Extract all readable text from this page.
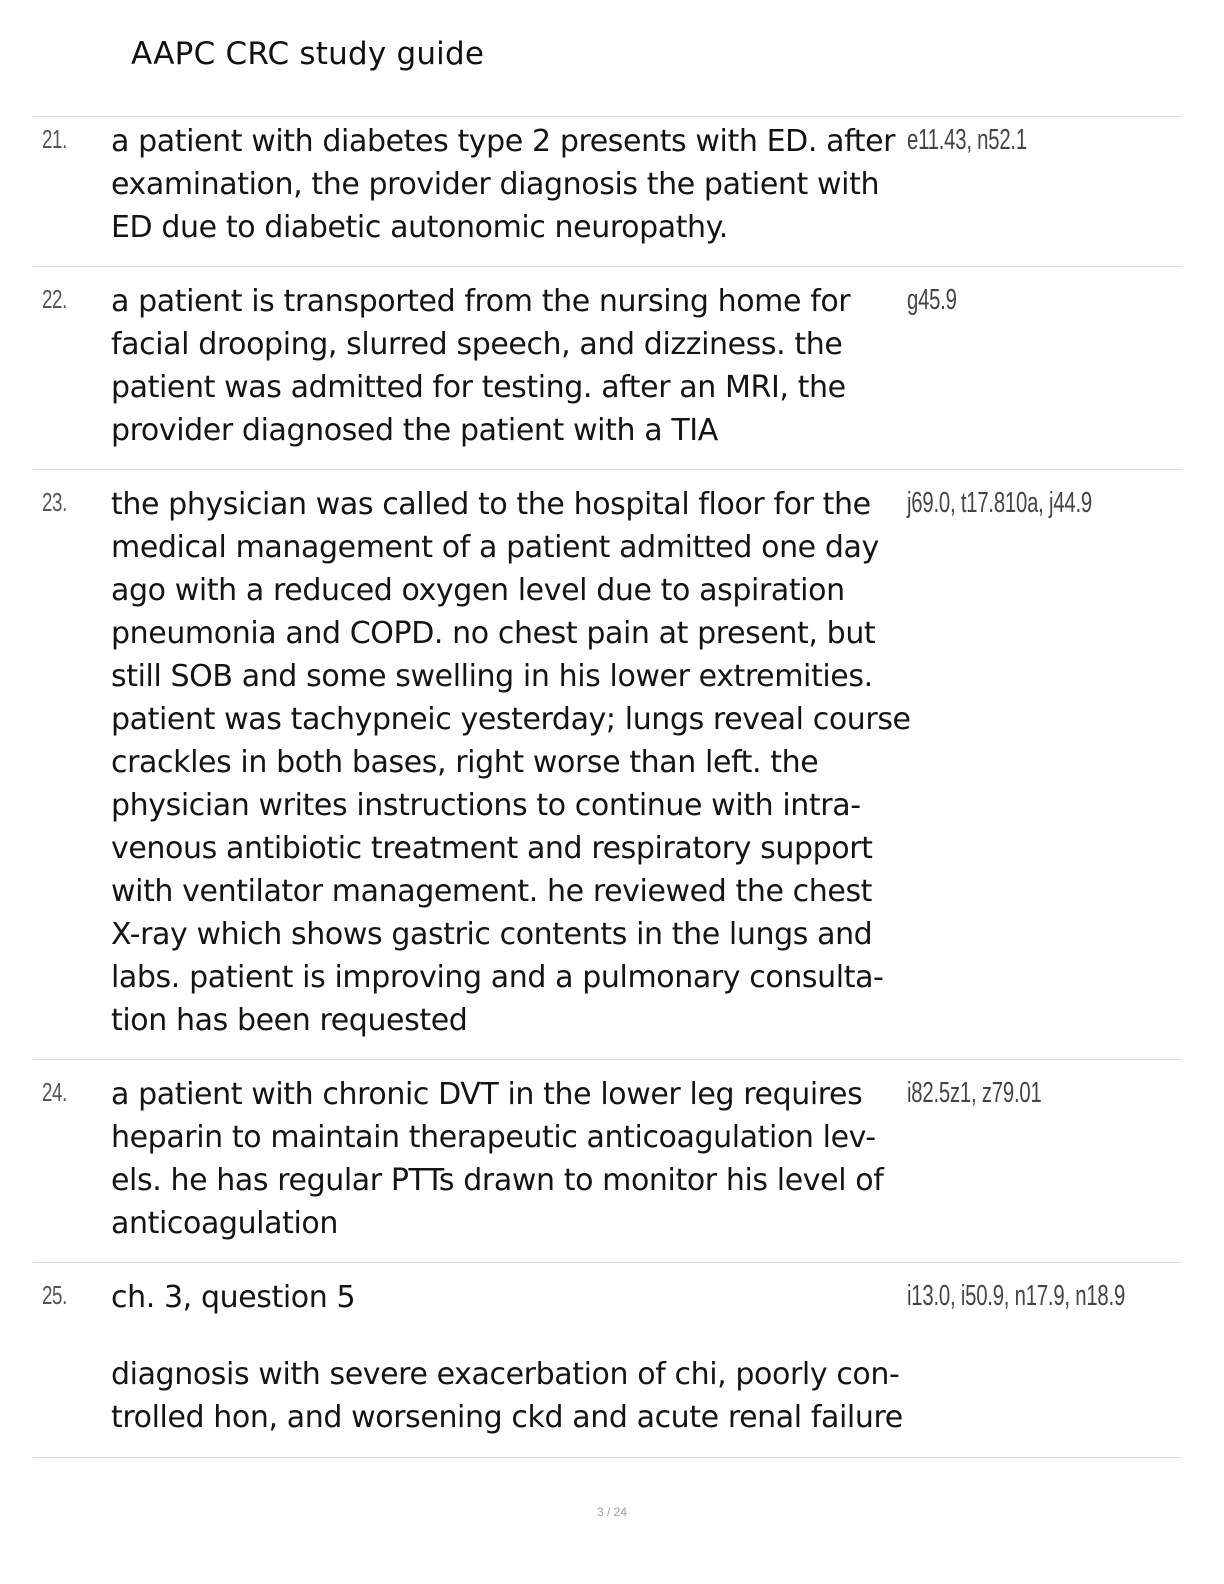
AAPC CRC study guide
21. a patient with diabetes type 2 presents with ED. after
examination, the provider diagnosis the patient with
ED due to diabetic autonomic neuropathy.
e11.43, n52.1
22. a patient is transported from the nursing home for
facial drooping, slurred speech, and dizziness. the
patient was admitted for testing. after an MRI, the
provider diagnosed the patient with a TIA
g45.9
23. the physician was called to the hospital floor for the
medical management of a patient admitted one day
ago with a reduced oxygen level due to aspiration
pneumonia and COPD. no chest pain at present, but
still SOB and some swelling in his lower extremities.
patient was tachypneic yesterday; lungs reveal course
crackles in both bases, right worse than left. the
physician writes instructions to continue with intra-
venous antibiotic treatment and respiratory support
with ventilator management. he reviewed the chest
X-ray which shows gastric contents in the lungs and
labs. patient is improving and a pulmonary consulta-
tion has been requested
j69.0, t17.810a, j44.9
24. a patient with chronic DVT in the lower leg requires
heparin to maintain therapeutic anticoagulation lev-
els. he has regular PTTs drawn to monitor his level of
anticoagulation
i82.5z1, z79.01
25. ch. 3, question 5
diagnosis with severe exacerbation of chi, poorly con-
trolled hon, and worsening ckd and acute renal failure
i13.0, i50.9, n17.9, n18.9
3 / 24
